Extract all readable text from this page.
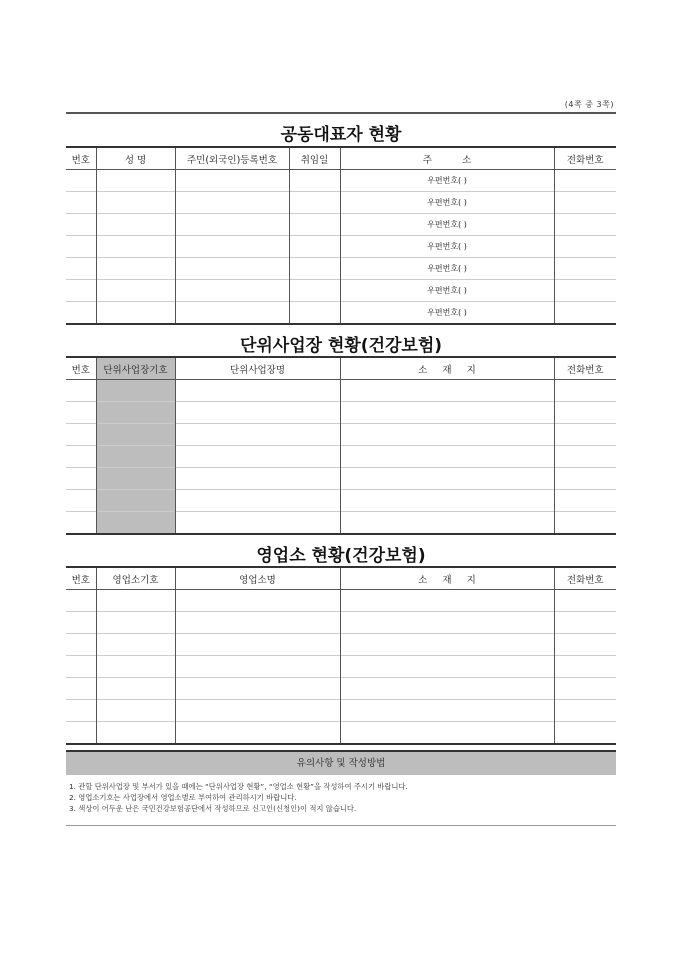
(4쪽 중 3쪽)
공동대표자 현황
번호	성 명	주민(외국인)등록번호	취임일	주          소	전화번호
				우편번호( )	
				우편번호( )	
				우편번호( )	
				우편번호( )	
				우편번호( )	
				우편번호( )	
				우편번호( )	
단위사업장 현황(건강보험)
번호	단위사업장기호	단위사업장명	소     재     지	전화번호

영업소 현황(건강보험)
번호	영업소기호	영업소명	소     재     지	전화번호

유의사항 및 작성방법
1. 관할 단위사업장 및 부서가 있을 때에는 “단위사업장 현황”, “영업소 현황”을 작성하여 주시기 바랍니다.
2. 영업소기호는 사업장에서 영업소별로 부여하여 관리하시기 바랍니다.
3. 색상이 어두운 난은 국민건강보험공단에서 작성하므로 신고인(신청인)이 적지 않습니다.
